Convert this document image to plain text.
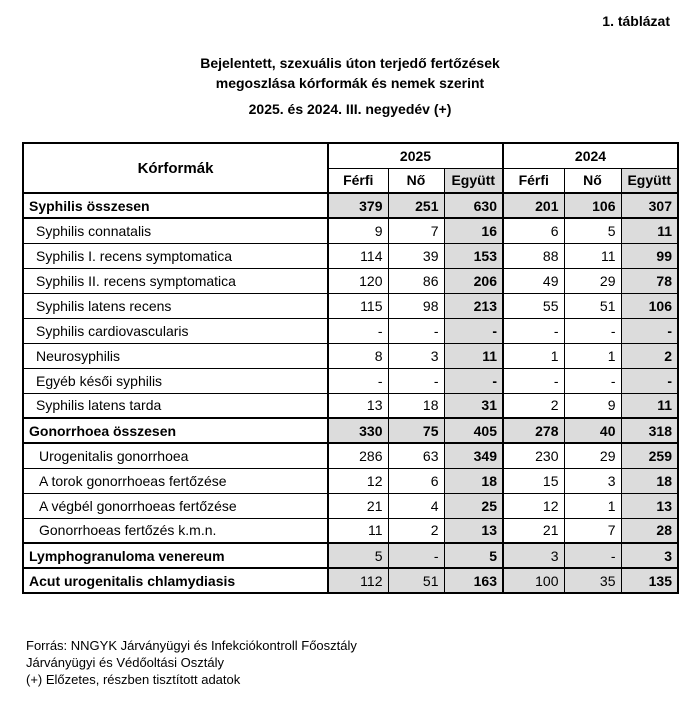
1. táblázat
Bejelentett, szexuális úton terjedő fertőzések
megoszlása kórformák és nemek szerint
2025. és 2024. III. negyedév (+)
Kórformák	2025			2024		
	Férfi	Nő	Együtt	Férfi	Nő	Együtt
Syphilis összesen	379	251	630	201	106	307
Syphilis connatalis	9	7	16	6	5	11
Syphilis I. recens symptomatica	114	39	153	88	11	99
Syphilis II. recens symptomatica	120	86	206	49	29	78
Syphilis latens recens	115	98	213	55	51	106
Syphilis cardiovascularis	-	-	-	-	-	-
Neurosyphilis	8	3	11	1	1	2
Egyéb késői syphilis	-	-	-	-	-	-
Syphilis latens tarda	13	18	31	2	9	11
Gonorrhoea összesen	330	75	405	278	40	318
Urogenitalis gonorrhoea	286	63	349	230	29	259
A torok gonorrhoeas fertőzése	12	6	18	15	3	18
A végbél gonorrhoeas fertőzése	21	4	25	12	1	13
Gonorrhoeas fertőzés k.m.n.	11	2	13	21	7	28
Lymphogranuloma venereum	5	-	5	3	-	3
Acut urogenitalis chlamydiasis	112	51	163	100	35	135
Forrás: NNGYK Járványügyi és Infekciókontroll Főosztály
Járványügyi és Védőoltási Osztály
(+) Előzetes, részben tisztított adatok
